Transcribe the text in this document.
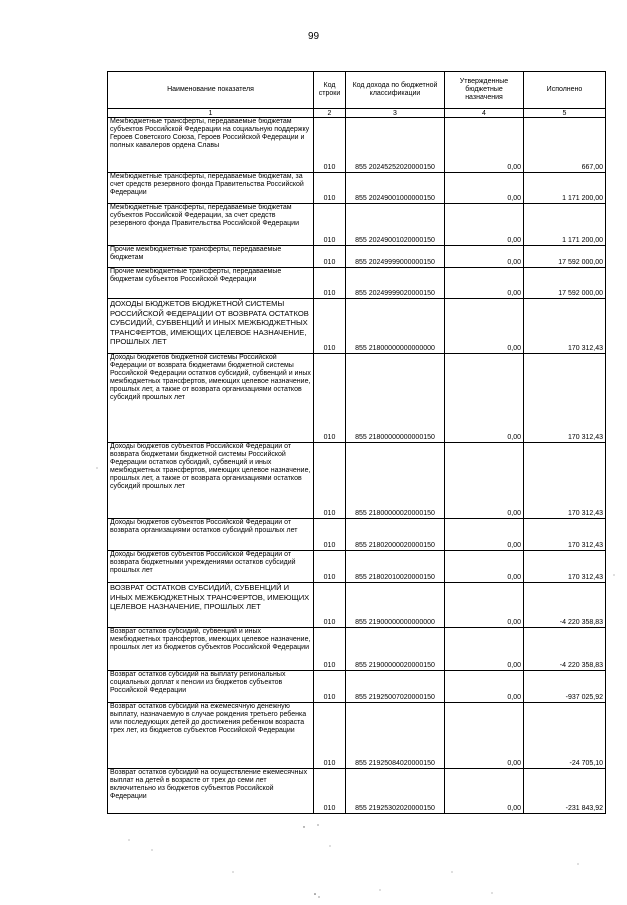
99
Наименование показателя	Код строки	Код дохода по бюджетной классификации	Утвержденные бюджетные назначения	Исполнено
1	2	3	4	5
Межбюджетные трансферты, передаваемые бюджетам субъектов Российской Федерации на социальную поддержку Героев Советского Союза, Героев Российской Федерации и полных кавалеров ордена Славы	010	855 20245252020000150	0,00	667,00
Межбюджетные трансферты, передаваемые бюджетам, за счет средств резервного фонда Правительства Российской Федерации	010	855 20249001000000150	0,00	1 171 200,00
Межбюджетные трансферты, передаваемые бюджетам субъектов Российской Федерации, за счет средств резервного фонда Правительства Российской Федерации	010	855 20249001020000150	0,00	1 171 200,00
Прочие межбюджетные трансферты, передаваемые бюджетам	010	855 20249999000000150	0,00	17 592 000,00
Прочие межбюджетные трансферты, передаваемые бюджетам субъектов Российской Федерации	010	855 20249999020000150	0,00	17 592 000,00
ДОХОДЫ БЮДЖЕТОВ БЮДЖЕТНОЙ СИСТЕМЫ РОССИЙСКОЙ ФЕДЕРАЦИИ ОТ ВОЗВРАТА ОСТАТКОВ СУБСИДИЙ, СУБВЕНЦИЙ И ИНЫХ МЕЖБЮДЖЕТНЫХ ТРАНСФЕРТОВ, ИМЕЮЩИХ ЦЕЛЕВОЕ НАЗНАЧЕНИЕ, ПРОШЛЫХ ЛЕТ	010	855 21800000000000000	0,00	170 312,43
Доходы бюджетов бюджетной системы Российской Федерации от возврата бюджетами бюджетной системы Российской Федерации остатков субсидий, субвенций и иных межбюджетных трансфертов, имеющих целевое назначение, прошлых лет, а также от возврата организациями остатков субсидий прошлых лет	010	855 21800000000000150	0,00	170 312,43
Доходы бюджетов субъектов Российской Федерации от возврата бюджетами бюджетной системы Российской Федерации остатков субсидий, субвенций и иных межбюджетных трансфертов, имеющих целевое назначение, прошлых лет, а также от возврата организациями остатков субсидий прошлых лет	010	855 21800000020000150	0,00	170 312,43
Доходы бюджетов субъектов Российской Федерации от возврата организациями остатков субсидий прошлых лет	010	855 21802000020000150	0,00	170 312,43
Доходы бюджетов субъектов Российской Федерации от возврата бюджетными учреждениями остатков субсидий прошлых лет	010	855 21802010020000150	0,00	170 312,43
ВОЗВРАТ ОСТАТКОВ СУБСИДИЙ, СУБВЕНЦИЙ И ИНЫХ МЕЖБЮДЖЕТНЫХ ТРАНСФЕРТОВ, ИМЕЮЩИХ ЦЕЛЕВОЕ НАЗНАЧЕНИЕ, ПРОШЛЫХ ЛЕТ	010	855 21900000000000000	0,00	-4 220 358,83
Возврат остатков субсидий, субвенций и иных межбюджетных трансфертов, имеющих целевое назначение, прошлых лет из бюджетов субъектов Российской Федерации	010	855 21900000020000150	0,00	-4 220 358,83
Возврат остатков субсидий на выплату региональных социальных доплат к пенсии из бюджетов субъектов Российской Федерации	010	855 21925007020000150	0,00	-937 025,92
Возврат остатков субсидий на ежемесячную денежную выплату, назначаемую в случае рождения третьего ребенка или последующих детей до достижения ребенком возраста трех лет, из бюджетов субъектов Российской Федерации	010	855 21925084020000150	0,00	-24 705,10
Возврат остатков субсидий на осуществление ежемесячных выплат на детей в возрасте от трех до семи лет включительно из бюджетов субъектов Российской Федерации	010	855 21925302020000150	0,00	-231 843,92
